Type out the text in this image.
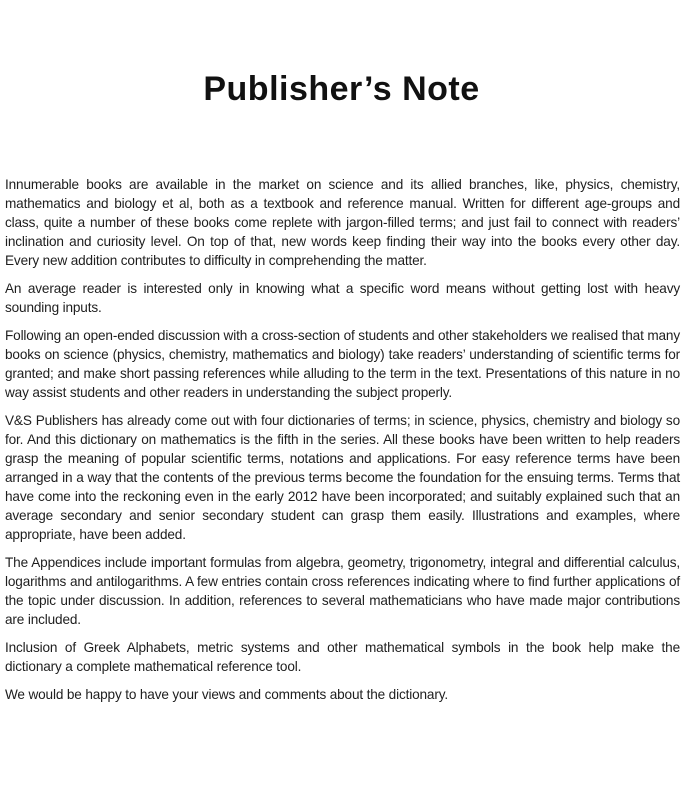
Publisher’s Note

Innumerable books are available in the market on science and its allied branches, like, physics, chemistry, mathematics and biology et al, both as a textbook and reference manual. Written for different age-groups and class, quite a number of these books come replete with jargon-filled terms; and just fail to connect with readers’ inclination and curiosity level. On top of that, new words keep finding their way into the books every other day. Every new addition contributes to difficulty in comprehending the matter.

An average reader is interested only in knowing what a specific word means without getting lost with heavy sounding inputs.

Following an open-ended discussion with a cross-section of students and other stakeholders we realised that many books on science (physics, chemistry, mathematics and biology) take readers’ understanding of scientific terms for granted; and make short passing references while alluding to the term in the text. Presentations of this nature in no way assist students and other readers in understanding the subject properly.

V&S Publishers has already come out with four dictionaries of terms; in science, physics, chemistry and biology so for. And this dictionary on mathematics is the fifth in the series. All these books have been written to help readers grasp the meaning of popular scientific terms, notations and applications. For easy reference terms have been arranged in a way that the contents of the previous terms become the foundation for the ensuing terms. Terms that have come into the reckoning even in the early 2012 have been incorporated; and suitably explained such that an average secondary and senior secondary student can grasp them easily. Illustrations and examples, where appropriate, have been added.

The Appendices include important formulas from algebra, geometry, trigonometry, integral and differential calculus, logarithms and antilogarithms. A few entries contain cross references indicating where to find further applications of the topic under discussion. In addition, references to several mathematicians who have made major contributions are included.

Inclusion of Greek Alphabets, metric systems and other mathematical symbols in the book help make the dictionary a complete mathematical reference tool.

We would be happy to have your views and comments about the dictionary.
